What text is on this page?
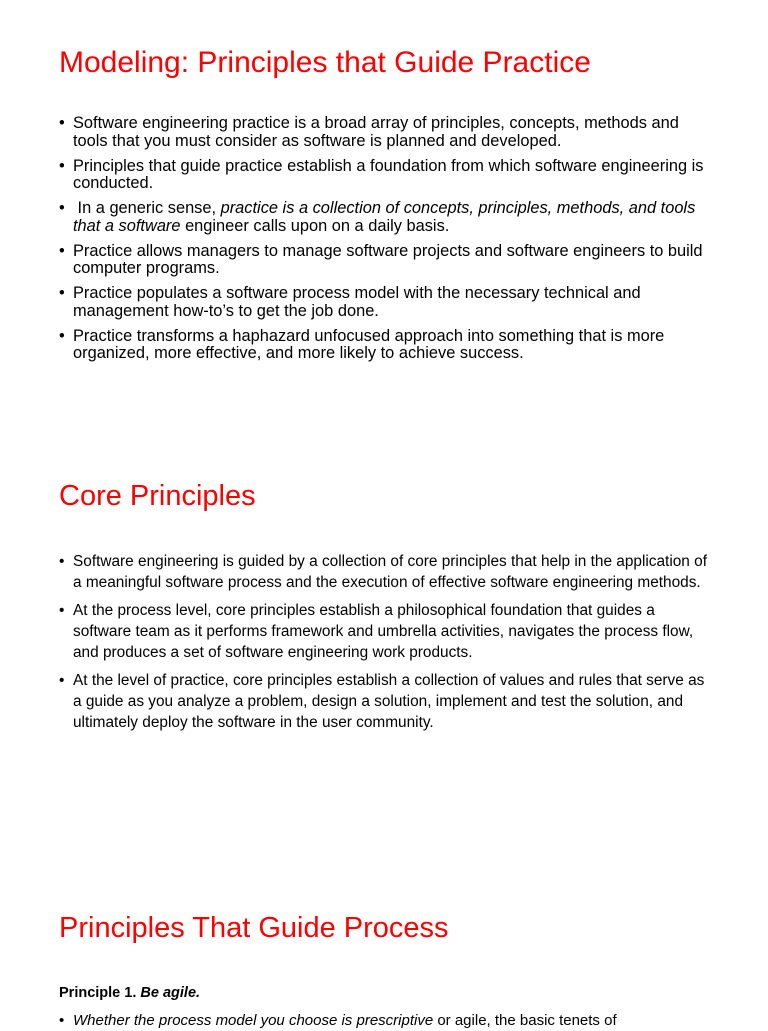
Modeling: Principles that Guide Practice
• Software engineering practice is a broad array of principles, concepts, methods and tools that you must consider as software is planned and developed.
• Principles that guide practice establish a foundation from which software engineering is conducted.
•  In a generic sense, practice is a collection of concepts, principles, methods, and tools that a software engineer calls upon on a daily basis.
• Practice allows managers to manage software projects and software engineers to build computer programs.
• Practice populates a software process model with the necessary technical and management how-to’s to get the job done.
• Practice transforms a haphazard unfocused approach into something that is more organized, more effective, and more likely to achieve success.
Core Principles
• Software engineering is guided by a collection of core principles that help in the application of a meaningful software process and the execution of effective software engineering methods.
• At the process level, core principles establish a philosophical foundation that guides a software team as it performs framework and umbrella activities, navigates the process flow, and produces a set of software engineering work products.
• At the level of practice, core principles establish a collection of values and rules that serve as a guide as you analyze a problem, design a solution, implement and test the solution, and ultimately deploy the software in the user community.
Principles That Guide Process
Principle 1. Be agile.
• Whether the process model you choose is prescriptive or agile, the basic tenets of
